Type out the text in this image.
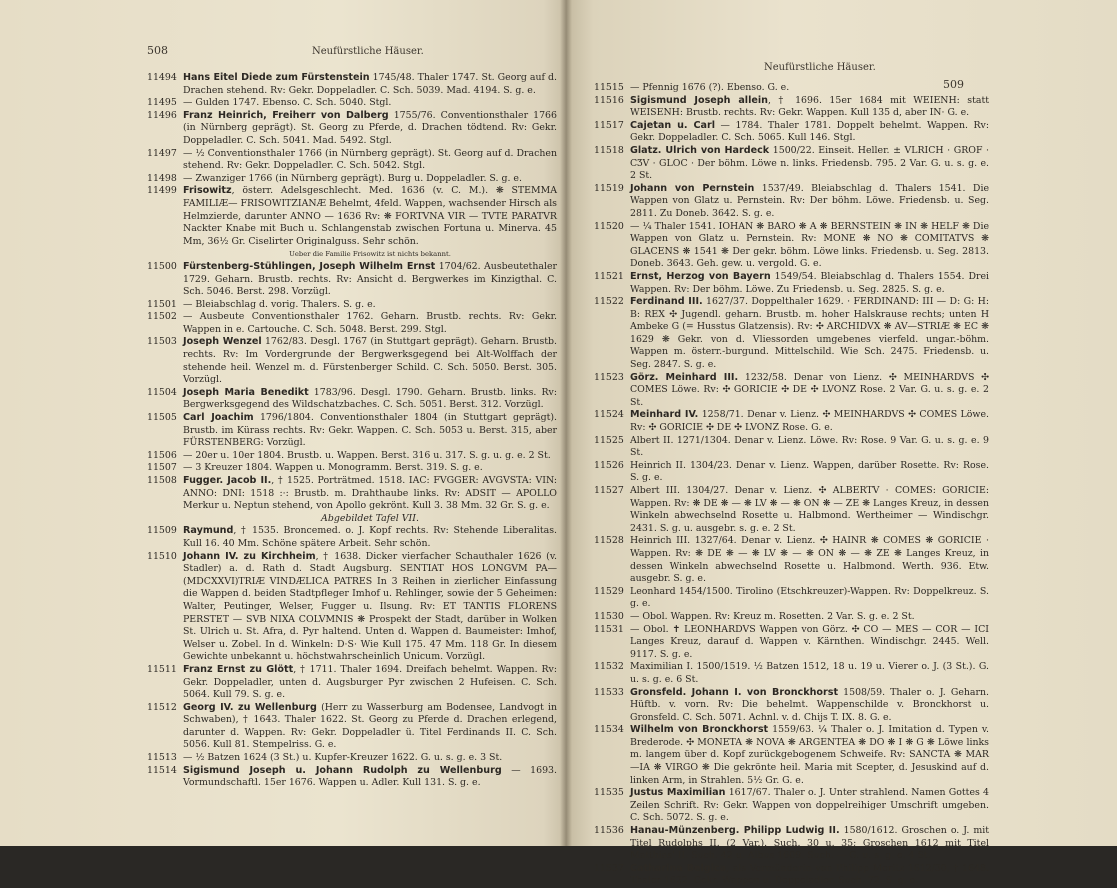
508	Neufürstliche Häuser.
11494 Hans Eitel Diede zum Fürstenstein 1745/48. Thaler 1747. St. Georg auf d. Drachen stehend. Rv: Gekr. Doppeladler. C. Sch. 5039. Mad. 4194. S. g. e.
11495 — Gulden 1747. Ebenso. C. Sch. 5040. Stgl.
11496 Franz Heinrich, Freiherr von Dalberg 1755/76. Conventionsthaler 1766 (in Nürnberg geprägt). St. Georg zu Pferde, d. Drachen tödtend. Rv: Gekr. Doppeladler. C. Sch. 5041. Mad. 5492. Stgl.
11497 — ½ Conventionsthaler 1766 (in Nürnberg geprägt). St. Georg auf d. Drachen stehend. Rv: Gekr. Doppeladler. C. Sch. 5042. Stgl.
11498 — Zwanziger 1766 (in Nürnberg geprägt). Burg u. Doppeladler. S. g. e.
11499 Frisowitz, österr. Adelsgeschlecht. Med. 1636 (v. C. M.). ❋ STEMMA FAMILIÆ— FRISOWITZIANÆ Behelmt, 4feld. Wappen, wachsender Hirsch als Helmzierde, darunter ANNO — 1636 Rv: ❋ FORTVNA VIR — TVTE PARATVR Nackter Knabe mit Buch u. Schlangenstab zwischen Fortuna u. Minerva. 45 Mm, 36½ Gr. Ciselirter Originalguss. Sehr schön.
Ueber die Familie Frisowitz ist nichts bekannt.
11500 Fürstenberg-Stühlingen, Joseph Wilhelm Ernst 1704/62. Ausbeutethaler 1729. Geharn. Brustb. rechts. Rv: Ansicht d. Bergwerkes im Kinzigthal. C. Sch. 5046. Berst. 298. Vorzügl.
11501 — Bleiabschlag d. vorig. Thalers. S. g. e.
11502 — Ausbeute Conventionsthaler 1762. Geharn. Brustb. rechts. Rv: Gekr. Wappen in e. Cartouche. C. Sch. 5048. Berst. 299. Stgl.
11503 Joseph Wenzel 1762/83. Desgl. 1767 (in Stuttgart geprägt). Geharn. Brustb. rechts. Rv: Im Vordergrunde der Bergwerksgegend bei Alt-Wolffach der stehende heil. Wenzel m. d. Fürstenberger Schild. C. Sch. 5050. Berst. 305. Vorzügl.
11504 Joseph Maria Benedikt 1783/96. Desgl. 1790. Geharn. Brustb. links. Rv: Bergwerksgegend des Wildschatzbaches. C. Sch. 5051. Berst. 312. Vorzügl.
11505 Carl Joachim 1796/1804. Conventionsthaler 1804 (in Stuttgart geprägt). Brustb. im Kürass rechts. Rv: Gekr. Wappen. C. Sch. 5053 u. Berst. 315, aber FÜRSTENBERG: Vorzügl.
11506 — 20er u. 10er 1804. Brustb. u. Wappen. Berst. 316 u. 317. S. g. u. g. e. 2 St.
11507 — 3 Kreuzer 1804. Wappen u. Monogramm. Berst. 319. S. g. e.
11508 Fugger. Jacob II., † 1525. Porträtmed. 1518. IAC: FVGGER: AVGVSTA: VIN: ANNO: DNI: 1518 :·: Brustb. m. Drahthaube links. Rv: ADSIT — APOLLO Merkur u. Neptun stehend, von Apollo gekrönt. Kull 3. 38 Mm. 32 Gr. S. g. e.
Abgebildet Tafel VII.
11509 Raymund, † 1535. Broncemed. o. J. Kopf rechts. Rv: Stehende Liberalitas. Kull 16. 40 Mm. Schöne spätere Arbeit. Sehr schön.
11510 Johann IV. zu Kirchheim, † 1638. Dicker vierfacher Schauthaler 1626 (v. Stadler) a. d. Rath d. Stadt Augsburg. SENTIAT HOS LONGVM PA— (MDCXXVI)TRIÆ VINDÆLICA PATRES In 3 Reihen in zierlicher Einfassung die Wappen d. beiden Stadtpfleger Imhof u. Rehlinger, sowie der 5 Geheimen: Walter, Peutinger, Welser, Fugger u. Ilsung. Rv: ET TANTIS FLORENS PERSTET — SVB NIXA COLVMNIS ❋ Prospekt der Stadt, darüber in Wolken St. Ulrich u. St. Afra, d. Pyr haltend. Unten d. Wappen d. Baumeister: Imhof, Welser u. Zobel. In d. Winkeln: D·S· Wie Kull 175. 47 Mm. 118 Gr. In diesem Gewichte unbekannt u. höchstwahrscheinlich Unicum. Vorzügl.
11511 Franz Ernst zu Glött, † 1711. Thaler 1694. Dreifach behelmt. Wappen. Rv: Gekr. Doppeladler, unten d. Augsburger Pyr zwischen 2 Hufeisen. C. Sch. 5064. Kull 79. S. g. e.
11512 Georg IV. zu Wellenburg (Herr zu Wasserburg am Bodensee, Landvogt in Schwaben), † 1643. Thaler 1622. St. Georg zu Pferde d. Drachen erlegend, darunter d. Wappen. Rv: Gekr. Doppeladler ü. Titel Ferdinands II. C. Sch. 5056. Kull 81. Stempelriss. G. e.
11513 — ½ Batzen 1624 (3 St.) u. Kupfer-Kreuzer 1622. G. u. s. g. e. 3 St.
11514 Sigismund Joseph u. Johann Rudolph zu Wellenburg — 1693. Vormundschaftl. 15er 1676. Wappen u. Adler. Kull 131. S. g. e.
Neufürstliche Häuser.
509
11515 — Pfennig 1676 (?). Ebenso. G. e.
11516 Sigismund Joseph allein, † 1696. 15er 1684 mit WEIENH: statt WEISENH: Brustb. rechts. Rv: Gekr. Wappen. Kull 135 d, aber IN· G. e.
11517 Cajetan u. Carl — 1784. Thaler 1781. Doppelt behelmt. Wappen. Rv: Gekr. Doppeladler. C. Sch. 5065. Kull 146. Stgl.
11518 Glatz. Ulrich von Hardeck 1500/22. Einseit. Heller. ± VLRICH · GROF · CƷV · GLOC · Der böhm. Löwe n. links. Friedensb. 795. 2 Var. G. u. s. g. e. 2 St.
11519 Johann von Pernstein 1537/49. Bleiabschlag d. Thalers 1541. Die Wappen von Glatz u. Pernstein. Rv: Der böhm. Löwe. Friedensb. u. Seg. 2811. Zu Doneb. 3642. S. g. e.
11520 — ¼ Thaler 1541. IOHAN ❋ BARO ❋ A ❋ BERNSTEIN ❋ IN ❋ HELF ❋ Die Wappen von Glatz u. Pernstein. Rv: MONE ❋ NO ❋ COMITATVS ❋ GLACENS ❋ 1541 ❋ Der gekr. böhm. Löwe links. Friedensb. u. Seg. 2813. Doneb. 3643. Geh. gew. u. vergold. G. e.
11521 Ernst, Herzog von Bayern 1549/54. Bleiabschlag d. Thalers 1554. Drei Wappen. Rv: Der böhm. Löwe. Zu Friedensb. u. Seg. 2825. S. g. e.
11522 Ferdinand III. 1627/37. Doppelthaler 1629. · FERDINAND: III — D: G: H: B: REX ✣ Jugendl. geharn. Brustb. m. hoher Halskrause rechts; unten H Ambeke G (= Husstus Glatzensis). Rv: ✣ ARCHIDVX ❋ AV—STRIÆ ❋ EC ❋ 1629 ❋ Gekr. von d. Vliessorden umgebenes vierfeld. ungar.-böhm. Wappen m. österr.-burgund. Mittelschild. Wie Sch. 2475. Friedensb. u. Seg. 2847. S. g. e.
11523 Görz. Meinhard III. 1232/58. Denar von Lienz. ✣ MEINHARDVS ✣ COMES Löwe. Rv: ✣ GORICIE ✣ DE ✣ LVONZ Rose. 2 Var. G. u. s. g. e. 2 St.
11524 Meinhard IV. 1258/71. Denar v. Lienz. ✣ MEINHARDVS ✣ COMES Löwe. Rv: ✣ GORICIE ✣ DE ✣ LVONZ Rose. G. e.
11525 Albert II. 1271/1304. Denar v. Lienz. Löwe. Rv: Rose. 9 Var. G. u. s. g. e. 9 St.
11526 Heinrich II. 1304/23. Denar v. Lienz. Wappen, darüber Rosette. Rv: Rose. S. g. e.
11527 Albert III. 1304/27. Denar v. Lienz. ✣ ALBERTV · COMES: GORICIE: Wappen. Rv: ❋ DE ❋ — ❋ LV ❋ — ❋ ON ❋ — ZE ❋ Langes Kreuz, in dessen Winkeln abwechselnd Rosette u. Halbmond. Wertheimer — Windischgr. 2431. S. g. u. ausgebr. s. g. e. 2 St.
11528 Heinrich III. 1327/64. Denar v. Lienz. ✣ HAINR ❋ COMES ❋ GORICIE · Wappen. Rv: ❋ DE ❋ — ❋ LV ❋ — ❋ ON ❋ — ❋ ZE ❋ Langes Kreuz, in dessen Winkeln abwechselnd Rosette u. Halbmond. Werth. 936. Etw. ausgebr. S. g. e.
11529 Leonhard 1454/1500. Tirolino (Etschkreuzer)-Wappen. Rv: Doppelkreuz. S. g. e.
11530 — Obol. Wappen. Rv: Kreuz m. Rosetten. 2 Var. S. g. e. 2 St.
11531 — Obol. ✝ LEONHARDVS Wappen von Görz. ✣ CO — MES — COR — ICI Langes Kreuz, darauf d. Wappen v. Kärnthen. Windischgr. 2445. Well. 9117. S. g. e.
11532 Maximilian I. 1500/1519. ½ Batzen 1512, 18 u. 19 u. Vierer o. J. (3 St.). G. u. s. g. e. 6 St.
11533 Gronsfeld. Johann I. von Bronckhorst 1508/59. Thaler o. J. Geharn. Hüftb. v. vorn. Rv: Die behelmt. Wappenschilde v. Bronckhorst u. Gronsfeld. C. Sch. 5071. Achnl. v. d. Chijs T. IX. 8. G. e.
11534 Wilhelm von Bronckhorst 1559/63. ¼ Thaler o. J. Imitation d. Typen v. Brederode. ✣ MONETA ❋ NOVA ❋ ARGENTEA ❋ DO ❋ I ❋ G ❋ Löwe links m. langem über d. Kopf zurückgebogenem Schweife. Rv: SANCTA ❋ MAR—IA ❋ VIRGO ❋ Die gekrönte heil. Maria mit Scepter, d. Jesuskind auf d. linken Arm, in Strahlen. 5½ Gr. G. e.
11535 Justus Maximilian 1617/67. Thaler o. J. Unter strahlend. Namen Gottes 4 Zeilen Schrift. Rv: Gekr. Wappen von doppelreihiger Umschrift umgeben. C. Sch. 5072. S. g. e.
11536 Hanau-Münzenberg. Philipp Ludwig II. 1580/1612. Groschen o. J. mit Titel Rudolphs II. (2 Var.). Such. 30 u. 35; Groschen 1612 mit Titel Matthias' II. Such. 42 u. Albus 1609. Such. — G. u. s. g. e. 4 St.
11537 Catharina Belgica, als Vormünderin von Philipp Moritz 1612/30, † 1648. Thaler 1622. Gekr. Wappen u. Doppeladler. Such. 72. S. g. e.
